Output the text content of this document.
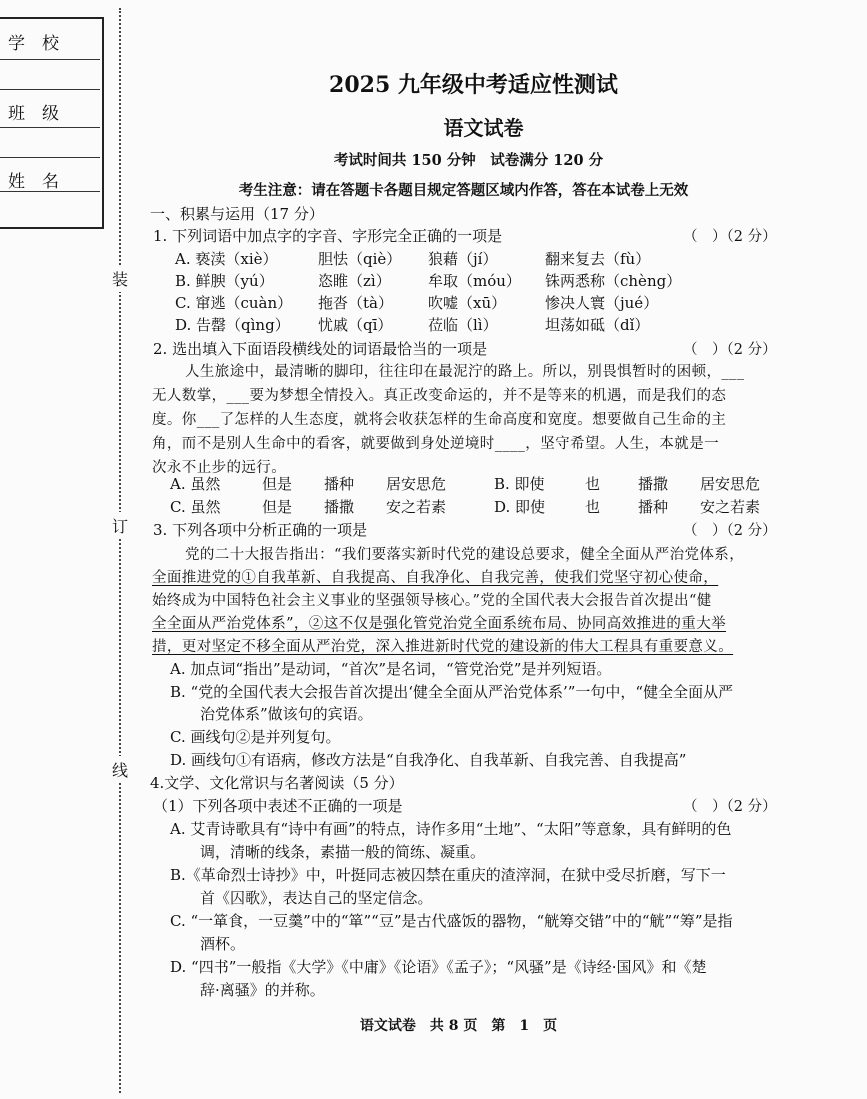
学　校
班　级
姓　名
装
订
线
2025 九年级中考适应性测试
语文试卷
考试时间共 150 分钟　试卷满分 120 分
考生注意：请在答题卡各题目规定答题区域内作答，答在本试卷上无效
一、积累与运用（17 分）
1. 下列词语中加点字的字音、字形完全正确的一项是	（　）（2 分）
A. 亵渎（xiè）	胆怯（qiè） 狼藉（jí）	翻来复去（fù）
B. 鲜腴（yú）	恣睢（zì） 牟取（móu） 铢两悉称（chèng）
C. 窜逃（cuàn） 拖沓（tà） 吹嘘（xū）	惨决人寰（jué）
D. 告罄（qìng） 忧戚（qī） 莅临（lì）	坦荡如砥（dǐ）
2. 选出填入下面语段横线处的词语最恰当的一项是	（　）（2 分）
人生旅途中，最清晰的脚印，往往印在最泥泞的路上。所以，别畏惧暂时的困顿，___
无人数掌，___要为梦想全情投入。真正改变命运的，并不是等来的机遇，而是我们的态
度。你___了怎样的人生态度，就将会收获怎样的生命高度和宽度。想要做自己生命的主
角，而不是别人生命中的看客，就要做到身处逆境时____，坚守希望。人生，本就是一
次永不止步的远行。
A. 虽然	但是 播种 居安思危	B. 即使	也	播撒 居安思危
C. 虽然	但是 播撒 安之若素	D. 即使	也	播种 安之若素
3. 下列各项中分析正确的一项是	（　）（2 分）
党的二十大报告指出：“我们要落实新时代党的建设总要求，健全全面从严治党体系，
全面推进党的①自我革新、自我提高、自我净化、自我完善，使我们党坚守初心使命，
始终成为中国特色社会主义事业的坚强领导核心。”党的全国代表大会报告首次提出“健
全全面从严治党体系”，②这不仅是强化管党治党全面系统布局、协同高效推进的重大举
措，更对坚定不移全面从严治党，深入推进新时代党的建设新的伟大工程具有重要意义。
A. 加点词“指出”是动词，“首次”是名词，“管党治党”是并列短语。
B. “党的全国代表大会报告首次提出‘健全全面从严治党体系’”一句中，“健全全面从严
治党体系”做该句的宾语。
C. 画线句②是并列复句。
D. 画线句①有语病，修改方法是“自我净化、自我革新、自我完善、自我提高”
4.文学、文化常识与名著阅读（5 分）
（1）下列各项中表述不正确的一项是	（　）（2 分）
A. 艾青诗歌具有“诗中有画”的特点，诗作多用“土地”、“太阳”等意象，具有鲜明的色
调，清晰的线条，素描一般的简练、凝重。
B.《革命烈士诗抄》中，叶挺同志被囚禁在重庆的渣滓洞，在狱中受尽折磨，写下一
首《囚歌》，表达自己的坚定信念。
C. “一箪食，一豆羹”中的“箪”“豆”是古代盛饭的器物，“觥筹交错”中的“觥”“筹”是指
酒杯。
D. “四书”一般指《大学》《中庸》《论语》《孟子》；“风骚”是《诗经·国风》和《楚
辞·离骚》的并称。
语文试卷　共 8 页　第　1　页
